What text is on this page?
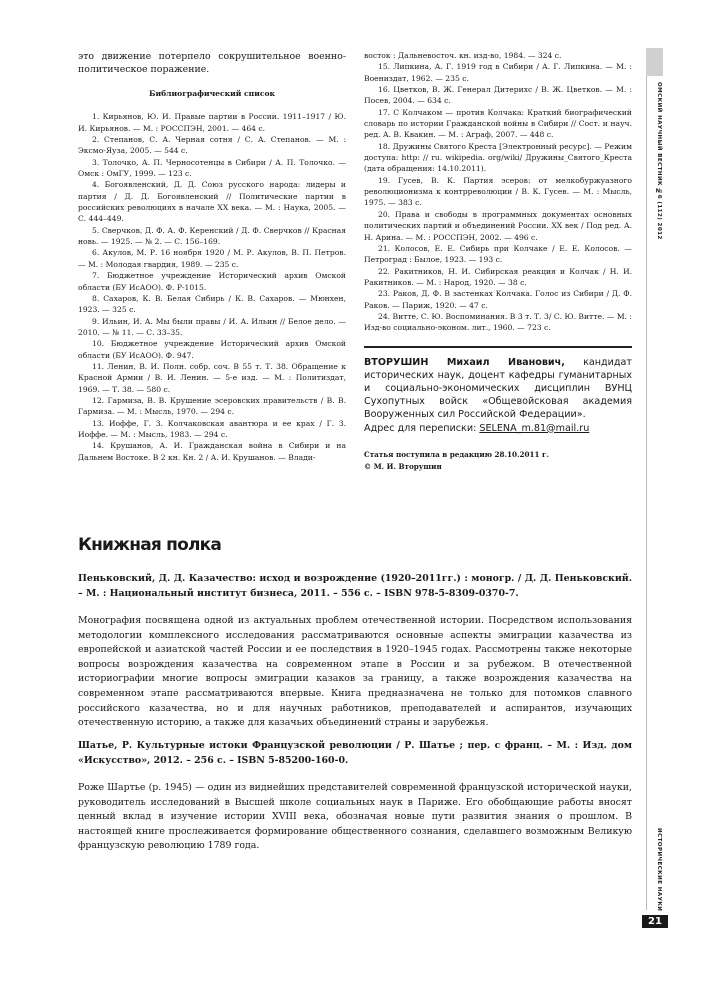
это движение потерпело сокрушительное военно-политическое поражение.

Библиографический список

1. Кирьянов, Ю. И. Правые партии в России. 1911–1917 / Ю. И. Кирьянов. — М. : РОССПЭН, 2001. — 464 с.

2. Степанов, С. А. Черная сотня / С. А. Степанов. — М. : Эксмо-Яуза, 2005. — 544 с.

3. Толочко, А. П. Черносотенцы в Сибири / А. П. Толочко. — Омск : ОмГУ, 1999. — 123 с.

4. Богоявленский, Д. Д. Союз русского народа: лидеры и партия / Д. Д. Богоявленский // Политические партии в российских революциях в начале XX века. — М. : Наука, 2005. — С. 444–449.

5. Сверчков, Д. Ф. А. Ф. Керенский / Д. Ф. Сверчков // Красная новь. — 1925. — № 2. — С. 156–169.

6. Акулов, М. Р. 16 ноября 1920 / М. Р. Акулов, В. П. Петров. — М. : Молодая гвардия, 1989. — 235 с.

7. Бюджетное учреждение Исторический архив Омской области (БУ ИсАОО). Ф. Р-1015.

8. Сахаров, К. В. Белая Сибирь / К. В. Сахаров. — Мюнхен, 1923. — 325 с.

9. Ильин, И. А. Мы были правы / И. А. Ильин // Белое дело. — 2010. — № 11. — С. 33–35.

10. Бюджетное учреждение Исторический архив Омской области (БУ ИсАОО). Ф. 947.

11. Ленин, В. И. Полн. собр. соч. В 55 т. Т. 38. Обращение к Красной Армии / В. И. Ленин. — 5-е изд. — М. : Политиздат, 1969. — Т. 38. — 580 с.

12. Гармиза, В. В. Крушение эсеровских правительств / В. В. Гармиза. — М. : Мысль, 1970. — 294 с.

13. Иоффе, Г. З. Колчаковская авантюра и ее крах / Г. З. Иоффе. — М. : Мысль, 1983. — 294 с.

14. Крушанов, А. И. Гражданская война в Сибири и на Дальнем Востоке. В 2 кн. Кн. 2 / А. И. Крушанов. — Влади-

восток : Дальневосточ. кн. изд-во, 1984. — 324 с.

15. Липкина, А. Г. 1919 год в Сибири / А. Г. Липкина. — М. : Воениздат, 1962. — 235 с.

16. Цветков, В. Ж. Генерал Дитерихс / В. Ж. Цветков. — М. : Посев, 2004. — 634 с.

17. С Колчаком — против Колчака: Краткий биографический словарь по истории Гражданской войны в Сибири // Сост. и науч. ред. А. В. Квакин. — М. : Аграф, 2007. — 448 с.

18. Дружины Святого Креста [Электронный ресурс]. — Режим доступа: http: // ru. wikipedia. org/wiki/ Дружины_Святого_Креста (дата обращения: 14.10.2011).

19. Гусев, В. К. Партия эсеров: от мелкобуржуазного революционизма к контрреволюции / В. К. Гусев. — М. : Мысль, 1975. — 383 с.

20. Права и свободы в программных документах основных политических партий и объединений России. XX век / Под ред. А. Н. Арина. — М. : РОССПЭН, 2002. — 496 с.

21. Колосов, Е. Е. Сибирь при Колчаке / Е. Е. Колосов. — Петроград : Былое, 1923. — 193 с.

22. Ракитников, Н. И. Сибирская реакция и Колчак / Н. И. Ракитников. — М. : Народ, 1920. — 38 с.

23. Раков, Д. Ф. В застенках Колчака. Голос из Сибири / Д. Ф. Раков. — Париж, 1920. — 47 с.

24. Витте, С. Ю. Воспоминания. В 3 т. Т. 3/ С. Ю. Витте. — М. : Изд-во социально-эконом. лит., 1960. — 723 с.

ВТОРУШИН Михаил Иванович, кандидат исторических наук, доцент кафедры гуманитарных и социально-экономических дисциплин ВУНЦ Сухопутных войск «Общевойсковая академия Вооруженных сил Российской Федерации».

Адрес для переписки: SELENA_m.81@mail.ru

Статья поступила в редакцию 28.10.2011 г.

© М. И. Вторушин

Книжная полка

Пеньковский, Д. Д. Казачество: исход и возрождение (1920–2011гг.) : моногр. / Д. Д. Пеньковский. – М. : Национальный институт бизнеса, 2011. – 556 с. – ISBN 978-5-8309-0370-7.

Монография посвящена одной из актуальных проблем отечественной истории. Посредством использования методологии комплексного исследования рассматриваются основные аспекты эмиграции казачества из европейской и азиатской частей России и ее последствия в 1920–1945 годах. Рассмотрены также некоторые вопросы возрождения казачества на современном этапе в России и за рубежом. В отечественной историографии многие вопросы эмиграции казаков за границу, а также возрождения казачества на современном этапе рассматриваются впервые. Книга предназначена не только для потомков славного российского казачества, но и для научных работников, преподавателей и аспирантов, изучающих отечественную историю, а также для казачьих объединений страны и зарубежья.

Шатье, Р. Культурные истоки Французской революции / Р. Шатье ; пер. с франц. – М. : Изд. дом «Искусство», 2012. – 256 с. – ISBN 5-85200-160-0.

Роже Шартье (р. 1945) — один из виднейших представителей современной французской исторической науки, руководитель исследований в Высшей школе социальных наук в Париже. Его обобщающие работы вносят ценный вклад в изучение истории XVIII века, обозначая новые пути развития знания о прошлом. В настоящей книге прослеживается формирование общественного сознания, сделавшего возможным Великую французскую революцию 1789 года.

ОМСКИЙ НАУЧНЫЙ ВЕСТНИК №6 (112) 2012
ИСТОРИЧЕСКИЕ НАУКИ
21
